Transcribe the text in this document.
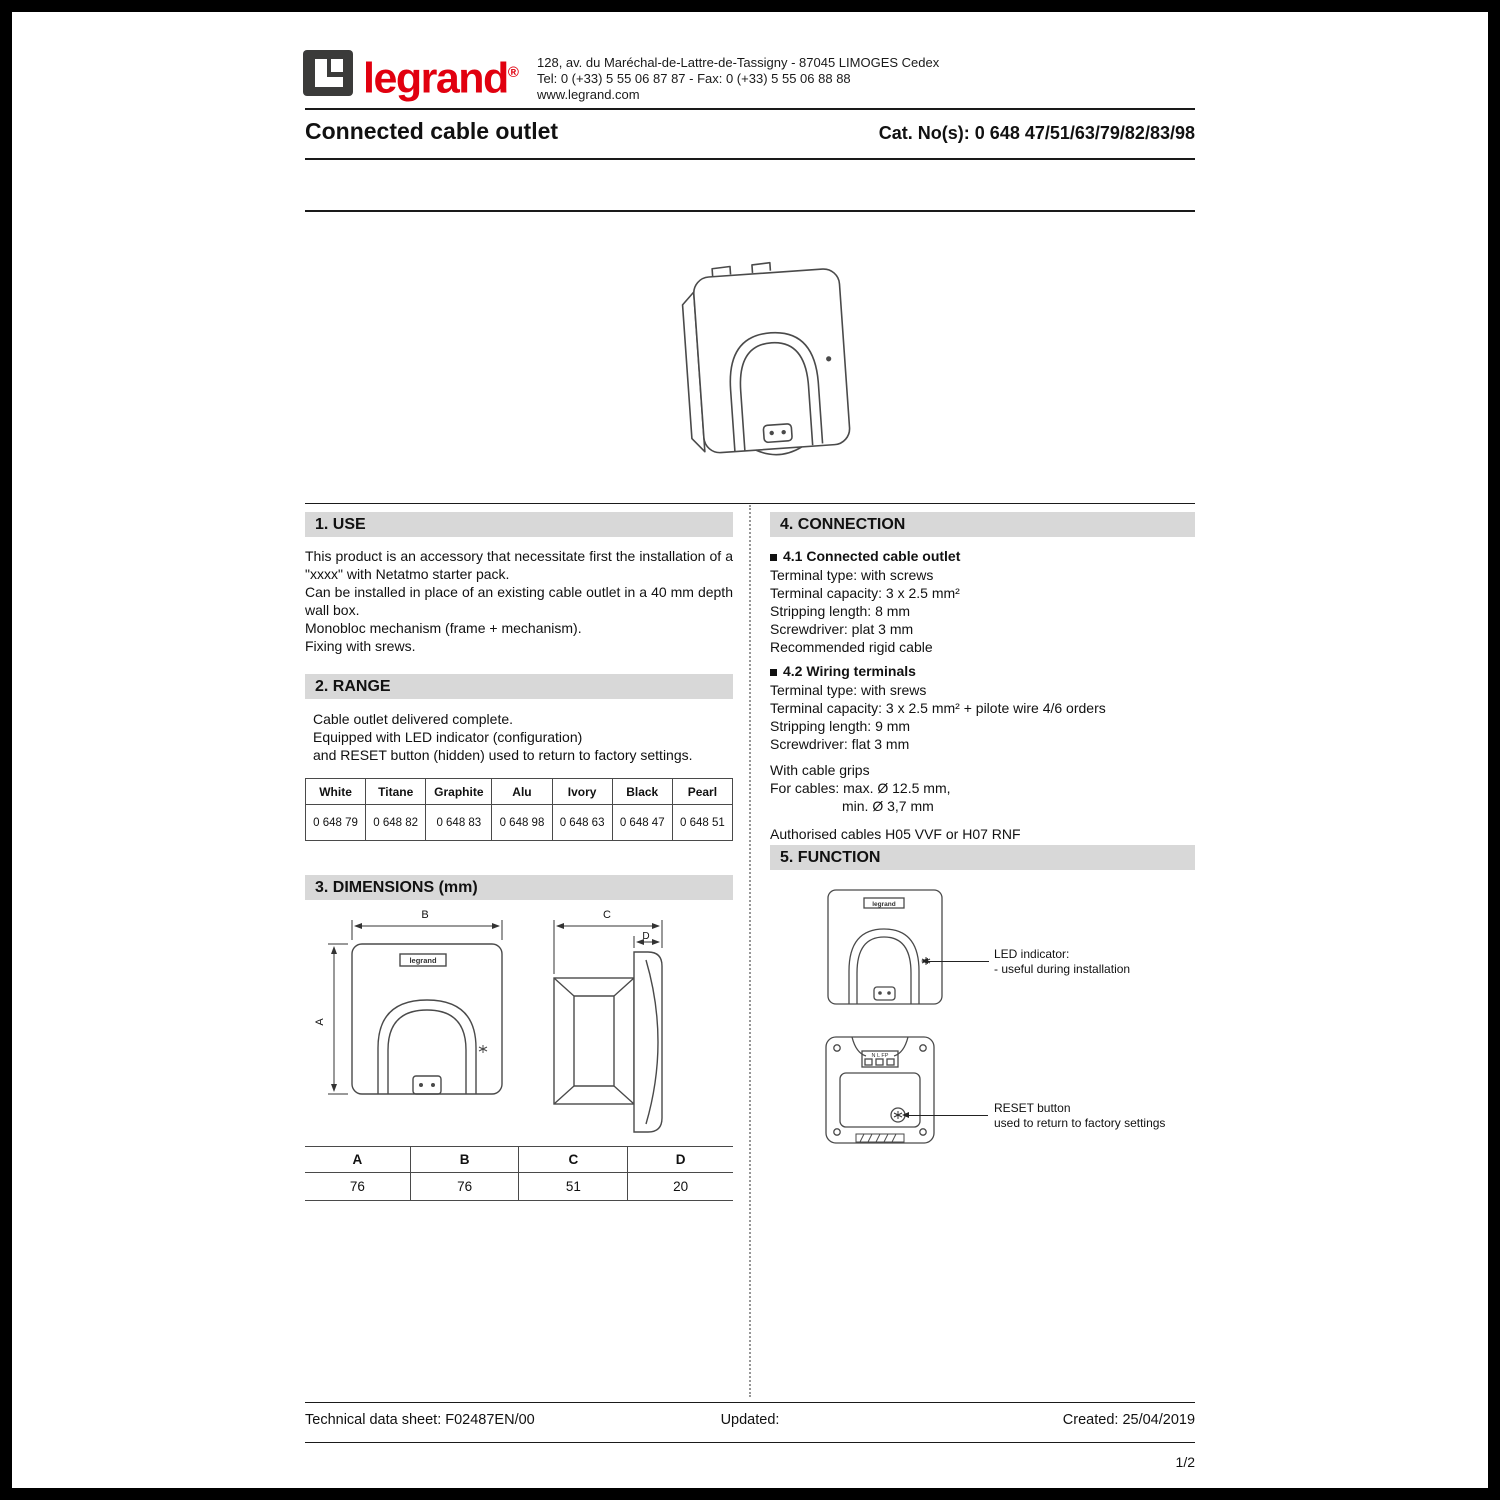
legrand®
128, av. du Maréchal-de-Lattre-de-Tassigny - 87045 LIMOGES Cedex
Tel: 0 (+33) 5 55 06 87 87 - Fax: 0 (+33) 5 55 06 88 88
www.legrand.com
Connected cable outlet	Cat. No(s): 0 648 47/51/63/79/82/83/98
1. USE

This product is an accessory that necessitate first the installation of a "xxxx" with Netatmo starter pack.

Can be installed in place of an existing cable outlet in a 40 mm depth wall box.

Monobloc mechanism (frame + mechanism).

Fixing with srews.

2. RANGE
Cable outlet delivered complete.
Equipped with LED indicator (configuration)
and RESET button (hidden) used to return to factory settings.
White	Titane	Graphite	Alu	Ivory	Black	Pearl
0 648 79	0 648 82	0 648 83	0 648 98	0 648 63	0 648 47	0 648 51
3. DIMENSIONS (mm)
legrand
B
A
C
D
A	B	C	D
76	76	51	20
4. CONNECTION
4.1 Connected cable outlet
Terminal type: with screws
Terminal capacity: 3 x 2.5 mm²
Stripping length: 8 mm
Screwdriver: plat 3 mm
Recommended rigid cable
4.2 Wiring terminals
Terminal type: with srews
Terminal capacity: 3 x 2.5 mm² + pilote wire 4/6 orders
Stripping length: 9 mm
Screwdriver: flat 3 mm
With cable grips
For cables: max. Ø 12.5 mm,
min. Ø 3,7 mm
Authorised cables H05 VVF or H07 RNF
5. FUNCTION
legrand
LED indicator:
- useful during installation
N L FP
RESET button
used to return to factory settings
Technical data sheet: F02487EN/00	Updated:	Created: 25/04/2019
1/2
